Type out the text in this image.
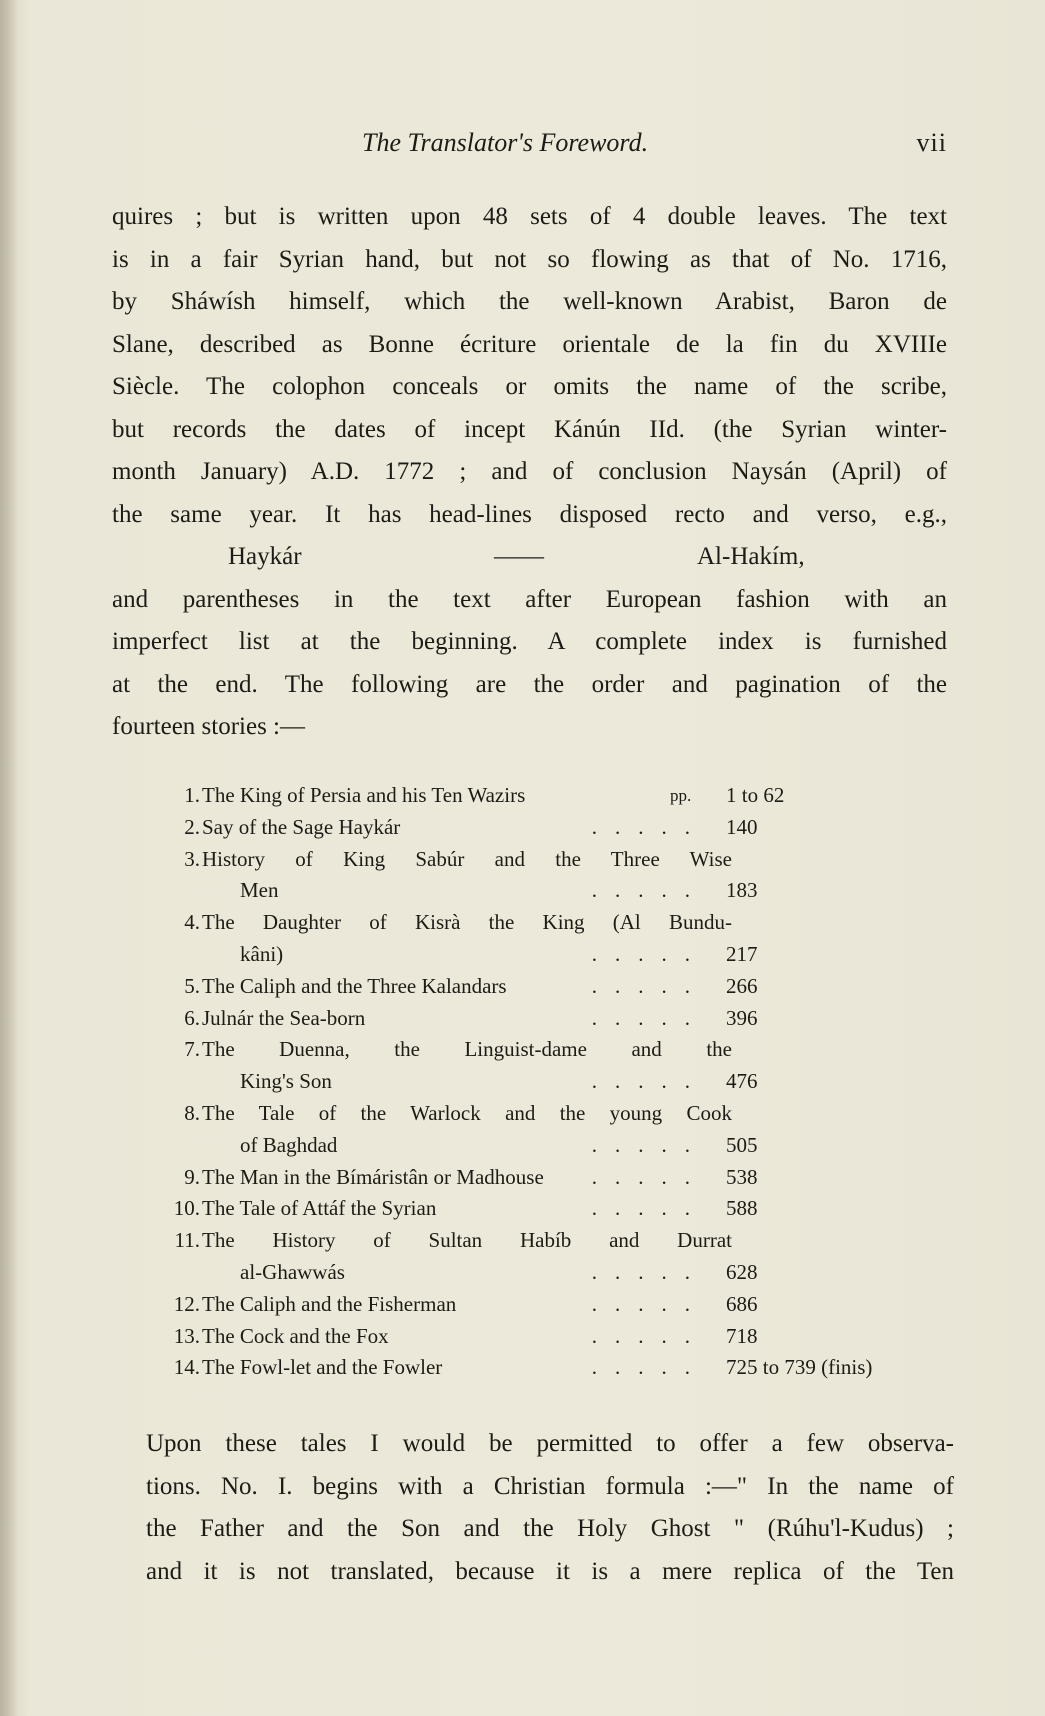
The Translator's Foreword.	vii
quires ; but is written upon 48 sets of 4 double leaves. The text
is in a fair Syrian hand, but not so flowing as that of No. 1716,
by Sháwísh himself, which the well-known Arabist, Baron de
Slane, described as Bonne écriture orientale de la fin du XVIIIe
Siècle. The colophon conceals or omits the name of the scribe,
but records the dates of incept Kánún IId. (the Syrian winter-
month January) A.D. 1772 ; and of conclusion Naysán (April) of
the same year. It has head-lines disposed recto and verso, e.g.,
Haykár	——	Al-Hakím,
and parentheses in the text after European fashion with an
imperfect list at the beginning. A complete index is furnished
at the end. The following are the order and pagination of the
fourteen stories :—
1. The King of Persia and his Ten Wazirs	pp. 1 to 62
2. Say of the Sage Haykár	..... 140
3. History of King Sabúr and the Three Wise
Men	..... 183
4. The Daughter of Kisrà the King (Al Bundu-
kâni)	..... 217
5. The Caliph and the Three Kalandars	..... 266
6. Julnár the Sea-born	..... 396
7. The Duenna, the Linguist-dame and the
King's Son	..... 476
8. The Tale of the Warlock and the young Cook
of Baghdad	..... 505
9. The Man in the Bímáristân or Madhouse	..... 538
10. The Tale of Attáf the Syrian	..... 588
11. The History of Sultan Habíb and Durrat
al-Ghawwás	..... 628
12. The Caliph and the Fisherman	..... 686
13. The Cock and the Fox	..... 718
14. The Fowl-let and the Fowler	..... 725 to 739 (finis)
Upon these tales I would be permitted to offer a few observa-
tions. No. I. begins with a Christian formula :—" In the name of
the Father and the Son and the Holy Ghost " (Rúhu'l-Kudus) ;
and it is not translated, because it is a mere replica of the Ten
